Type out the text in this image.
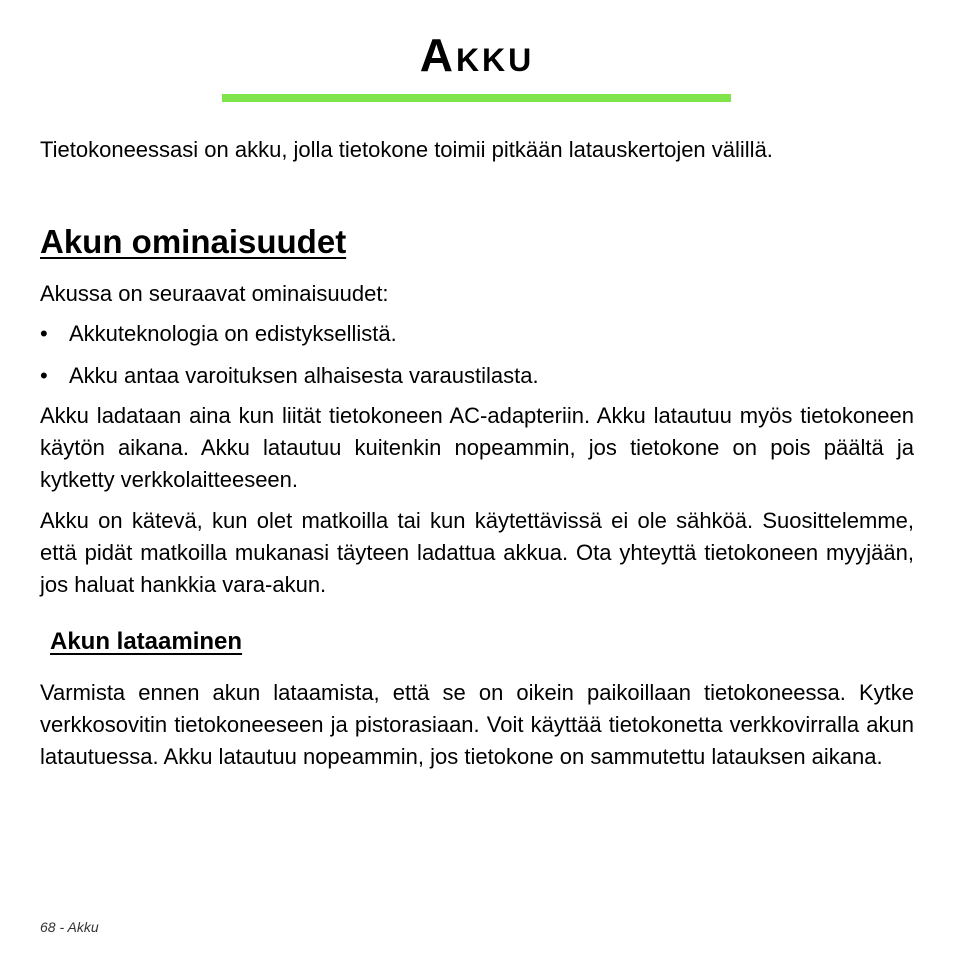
Akku

Tietokoneessasi on akku, jolla tietokone toimii pitkään latauskertojen välillä.

Akun ominaisuudet

Akussa on seuraavat ominaisuudet:

• Akkuteknologia on edistyksellistä.
• Akku antaa varoituksen alhaisesta varaustilasta.

Akku ladataan aina kun liität tietokoneen AC-adapteriin. Akku latautuu myös tietokoneen käytön aikana. Akku latautuu kuitenkin nopeammin, jos tietokone on pois päältä ja kytketty verkkolaitteeseen.

Akku on kätevä, kun olet matkoilla tai kun käytettävissä ei ole sähköä. Suosittelemme, että pidät matkoilla mukanasi täyteen ladattua akkua. Ota yhteyttä tietokoneen myyjään, jos haluat hankkia vara-akun.

Akun lataaminen

Varmista ennen akun lataamista, että se on oikein paikoillaan tietokoneessa. Kytke verkkosovitin tietokoneeseen ja pistorasiaan. Voit käyttää tietokonetta verkkovirralla akun latautuessa. Akku latautuu nopeammin, jos tietokone on sammutettu latauksen aikana.

68 - Akku
